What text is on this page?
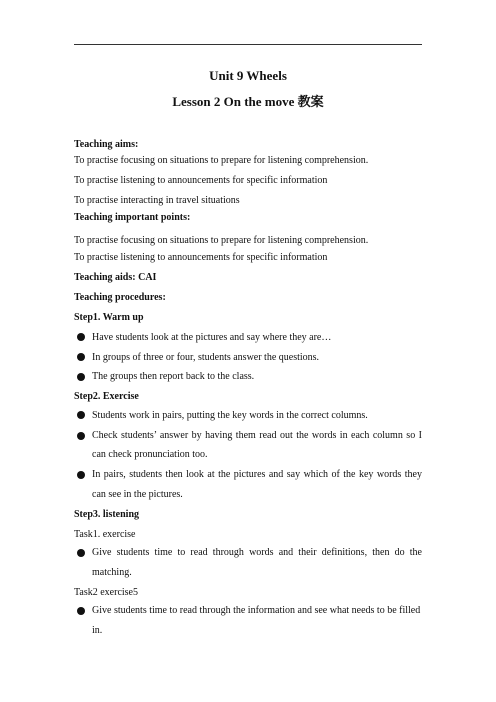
Unit 9 Wheels
Lesson 2 On the move 教案
Teaching aims:
To practise focusing on situations to prepare for listening comprehension.
To practise listening to announcements for specific information
To practise interacting in travel situations
Teaching important points:
To practise focusing on situations to prepare for listening comprehension.
To practise listening to announcements for specific information
Teaching aids: CAI
Teaching procedures:
Step1. Warm up
Have students look at the pictures and say where they are…
In groups of three or four, students answer the questions.
The groups then report back to the class.
Step2. Exercise
Students work in pairs, putting the key words in the correct columns.
Check students’ answer by having them read out the words in each column so I
can check pronunciation too.
In pairs, students then look at the pictures and say which of the key words they
can see in the pictures.
Step3. listening
Task1. exercise
Give students time to read through words and their definitions, then do the
matching.
Task2 exercise5
Give students time to read through the information and see what needs to be filled
in.
